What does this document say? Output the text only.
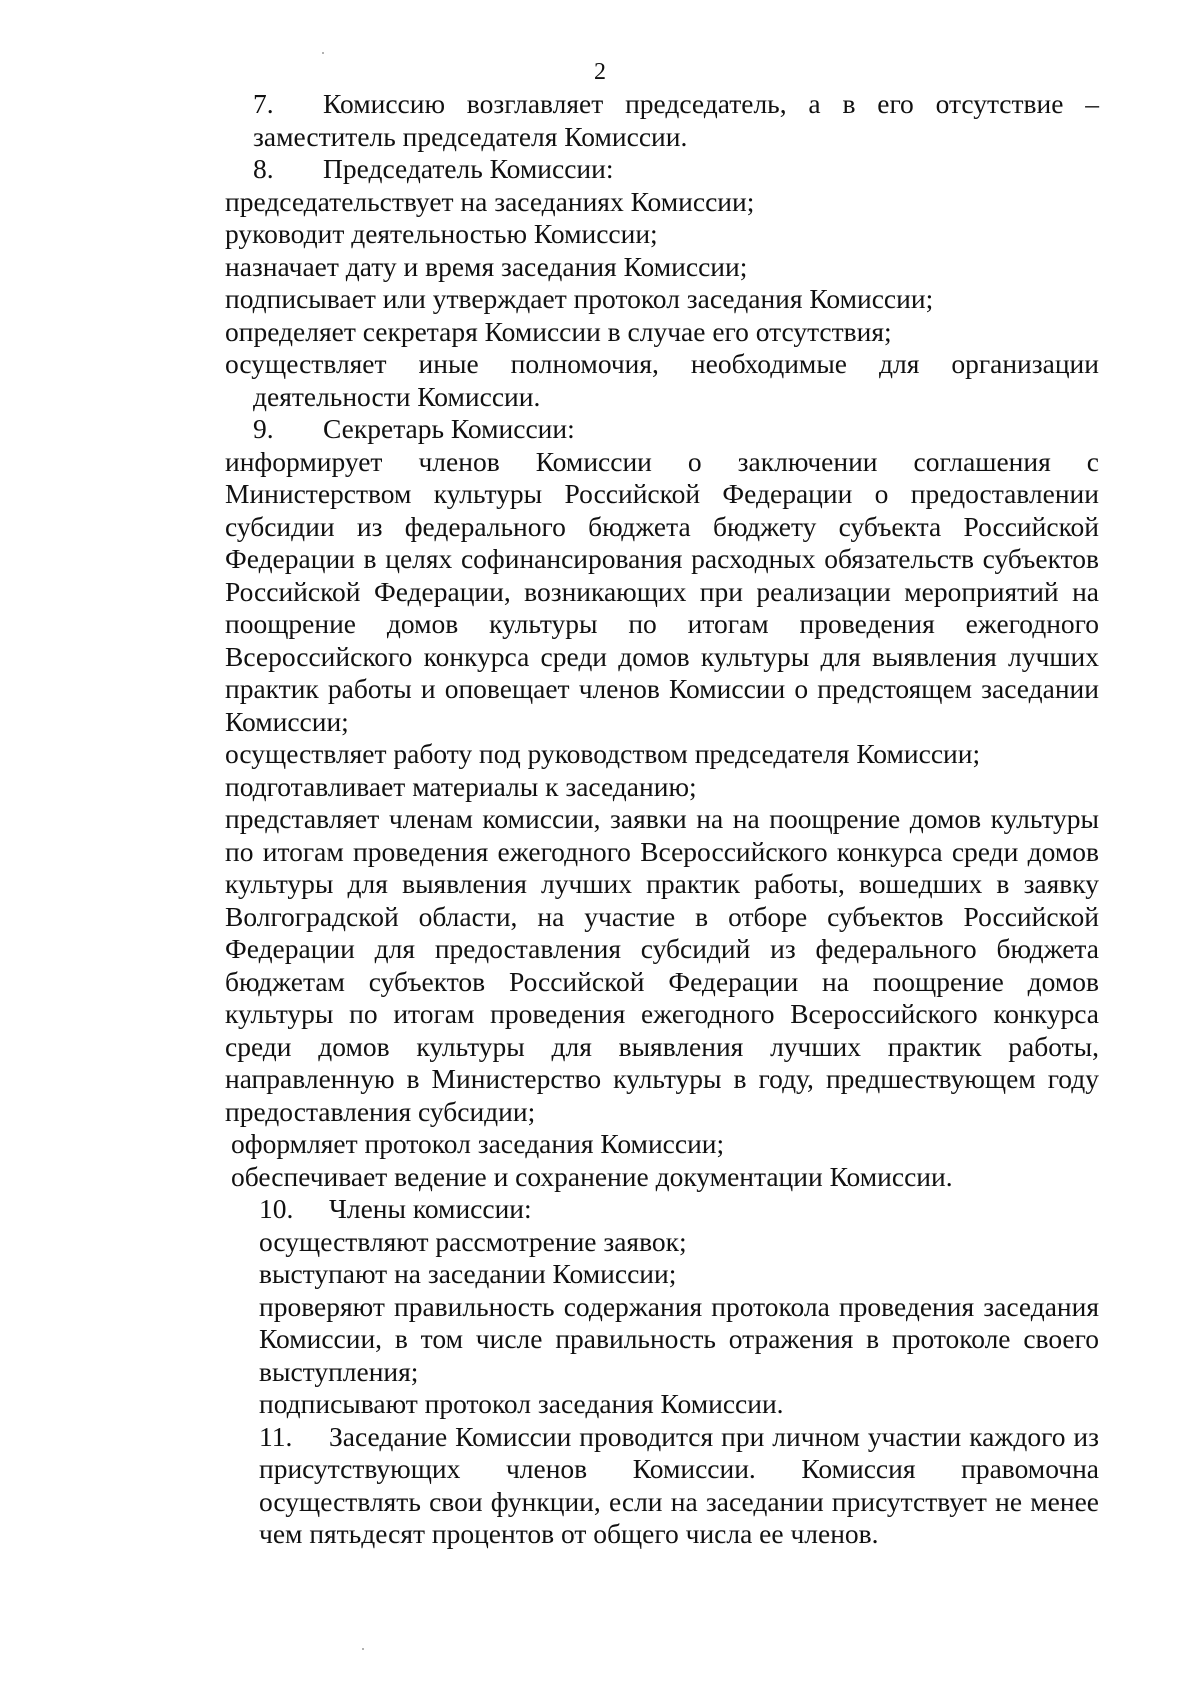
2

7. Комиссию возглавляет председатель, а в его отсутствие – заместитель председателя Комиссии.

8. Председатель Комиссии:

председательствует на заседаниях Комиссии;

руководит деятельностью Комиссии;

назначает дату и время заседания Комиссии;

подписывает или утверждает протокол заседания Комиссии;

определяет секретаря Комиссии в случае его отсутствия;

осуществляет иные полномочия, необходимые для организации деятельности Комиссии.

9. Секретарь Комиссии:

информирует членов Комиссии о заключении соглашения с Министерством культуры Российской Федерации о предоставлении субсидии из федерального бюджета бюджету субъекта Российской Федерации в целях софинансирования расходных обязательств субъектов Российской Федерации, возникающих при реализации мероприятий на поощрение домов культуры по итогам проведения ежегодного Всероссийского конкурса среди домов культуры для выявления лучших практик работы и оповещает членов Комиссии о предстоящем заседании Комиссии;

осуществляет работу под руководством председателя Комиссии;

подготавливает материалы к заседанию;

представляет членам комиссии, заявки на на поощрение домов культуры по итогам проведения ежегодного Всероссийского конкурса среди домов культуры для выявления лучших практик работы, вошедших в заявку Волгоградской области, на участие в отборе субъектов Российской Федерации для предоставления субсидий из федерального бюджета бюджетам субъектов Российской Федерации на поощрение домов культуры по итогам проведения ежегодного Всероссийского конкурса среди домов культуры для выявления лучших практик работы, направленную в Министерство культуры в году, предшествующем году предоставления субсидии;

оформляет протокол заседания Комиссии;

обеспечивает ведение и сохранение документации Комиссии.

10. Члены комиссии:

осуществляют рассмотрение заявок;

выступают на заседании Комиссии;

проверяют правильность содержания протокола проведения заседания Комиссии, в том числе правильность отражения в протоколе своего выступления;

подписывают протокол заседания Комиссии.

11. Заседание Комиссии проводится при личном участии каждого из присутствующих членов Комиссии. Комиссия правомочна осуществлять свои функции, если на заседании присутствует не менее чем пятьдесят процентов от общего числа ее членов.
